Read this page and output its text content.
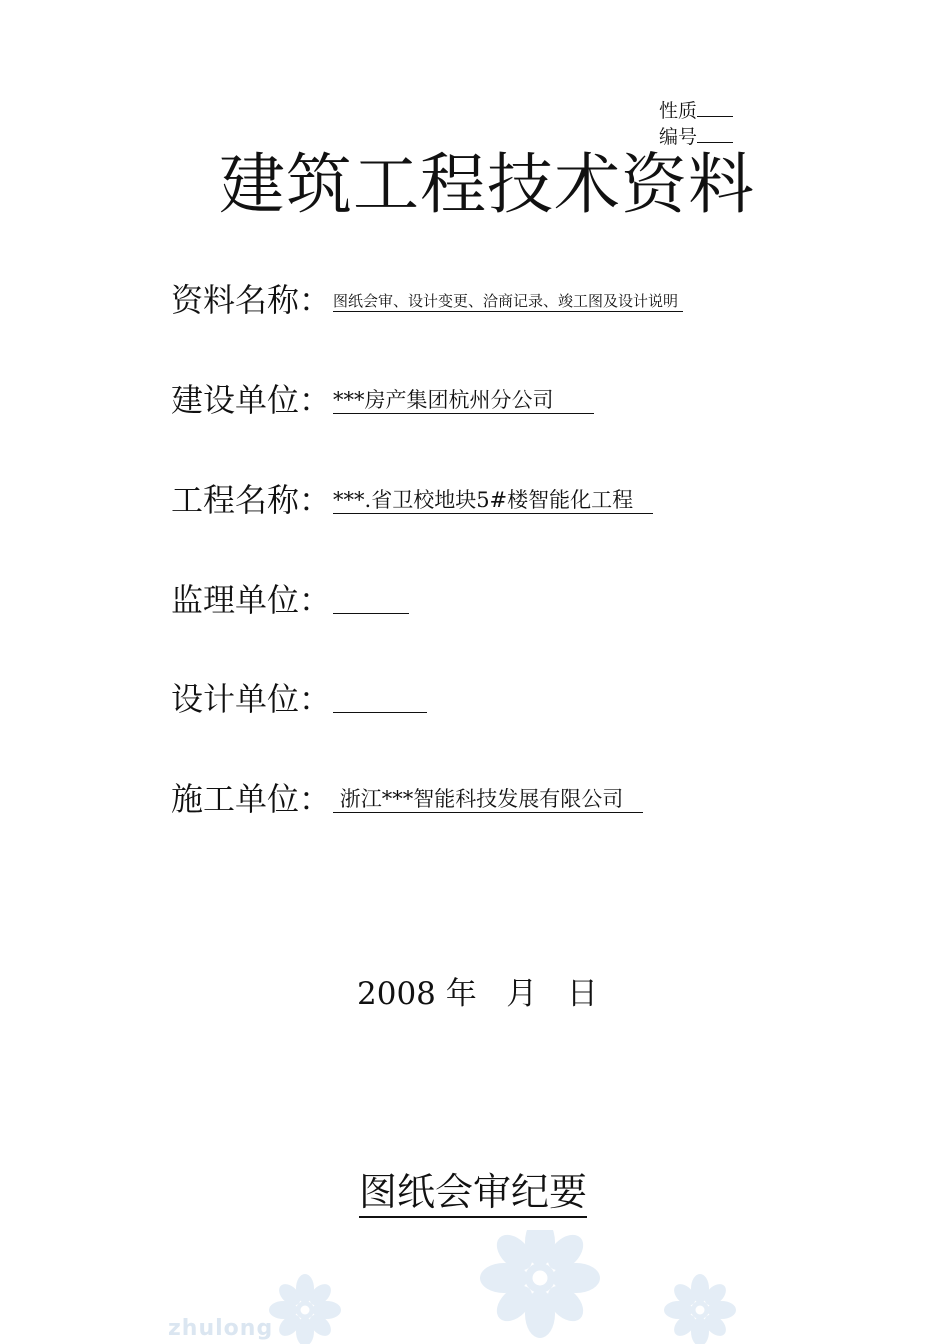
性质
编号
建筑工程技术资料
资料名称： 图纸会审、设计变更、洽商记录、竣工图及设计说明
建设单位： ***房产集团杭州分公司
工程名称： ***.省卫校地块5#楼智能化工程
监理单位：
设计单位：
施工单位： 浙江***智能科技发展有限公司
2008 年   月   日
图纸会审纪要
zhulong
